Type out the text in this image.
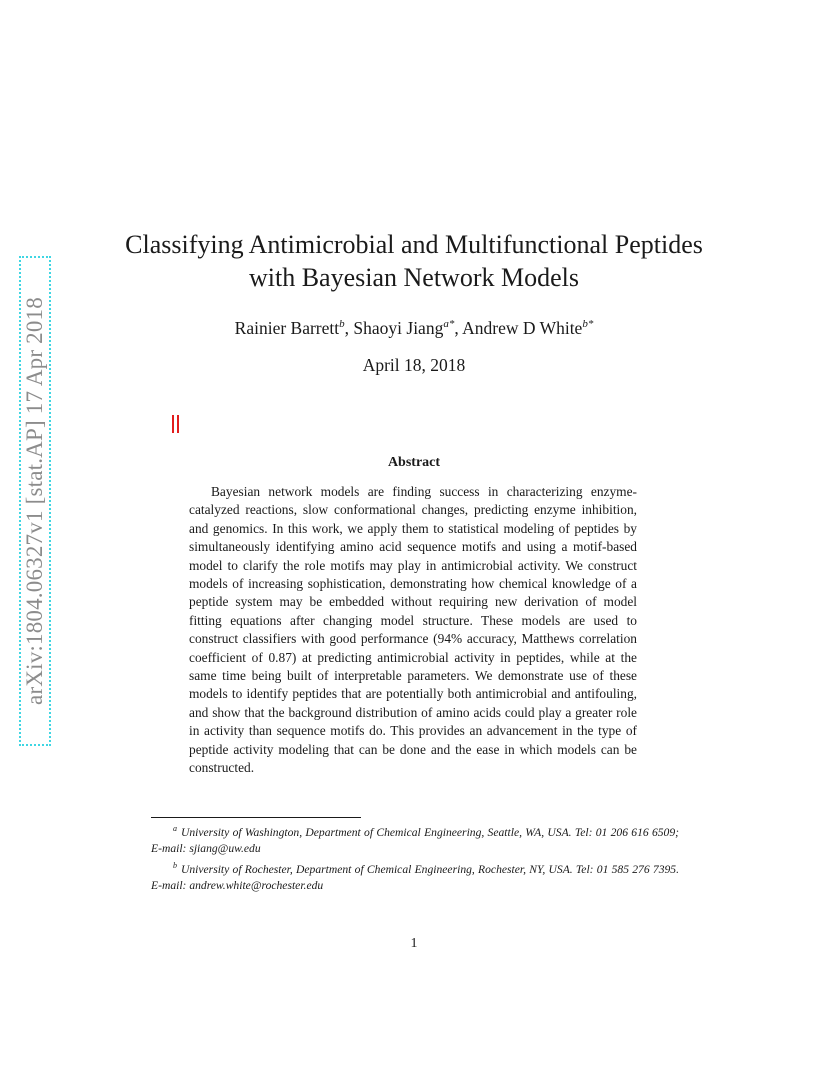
arXiv:1804.06327v1 [stat.AP] 17 Apr 2018
Classifying Antimicrobial and Multifunctional Peptides with Bayesian Network Models
Rainier Barrett$^b$, Shaoyi Jiang$^{a*}$, Andrew D White$^{b*}$
April 18, 2018
Abstract
Bayesian network models are finding success in characterizing enzyme-catalyzed reactions, slow conformational changes, predicting enzyme inhibition, and genomics. In this work, we apply them to statistical modeling of peptides by simultaneously identifying amino acid sequence motifs and using a motif-based model to clarify the role motifs may play in antimicrobial activity. We construct models of increasing sophistication, demonstrating how chemical knowledge of a peptide system may be embedded without requiring new derivation of model fitting equations after changing model structure. These models are used to construct classifiers with good performance (94% accuracy, Matthews correlation coefficient of 0.87) at predicting antimicrobial activity in peptides, while at the same time being built of interpretable parameters. We demonstrate use of these models to identify peptides that are potentially both antimicrobial and antifouling, and show that the background distribution of amino acids could play a greater role in activity than sequence motifs do. This provides an advancement in the type of peptide activity modeling that can be done and the ease in which models can be constructed.

$^a$ University of Washington, Department of Chemical Engineering, Seattle, WA, USA. Tel: 01 206 616 6509; E-mail: sjiang@uw.edu

$^b$ University of Rochester, Department of Chemical Engineering, Rochester, NY, USA. Tel: 01 585 276 7395. E-mail: andrew.white@rochester.edu

1
